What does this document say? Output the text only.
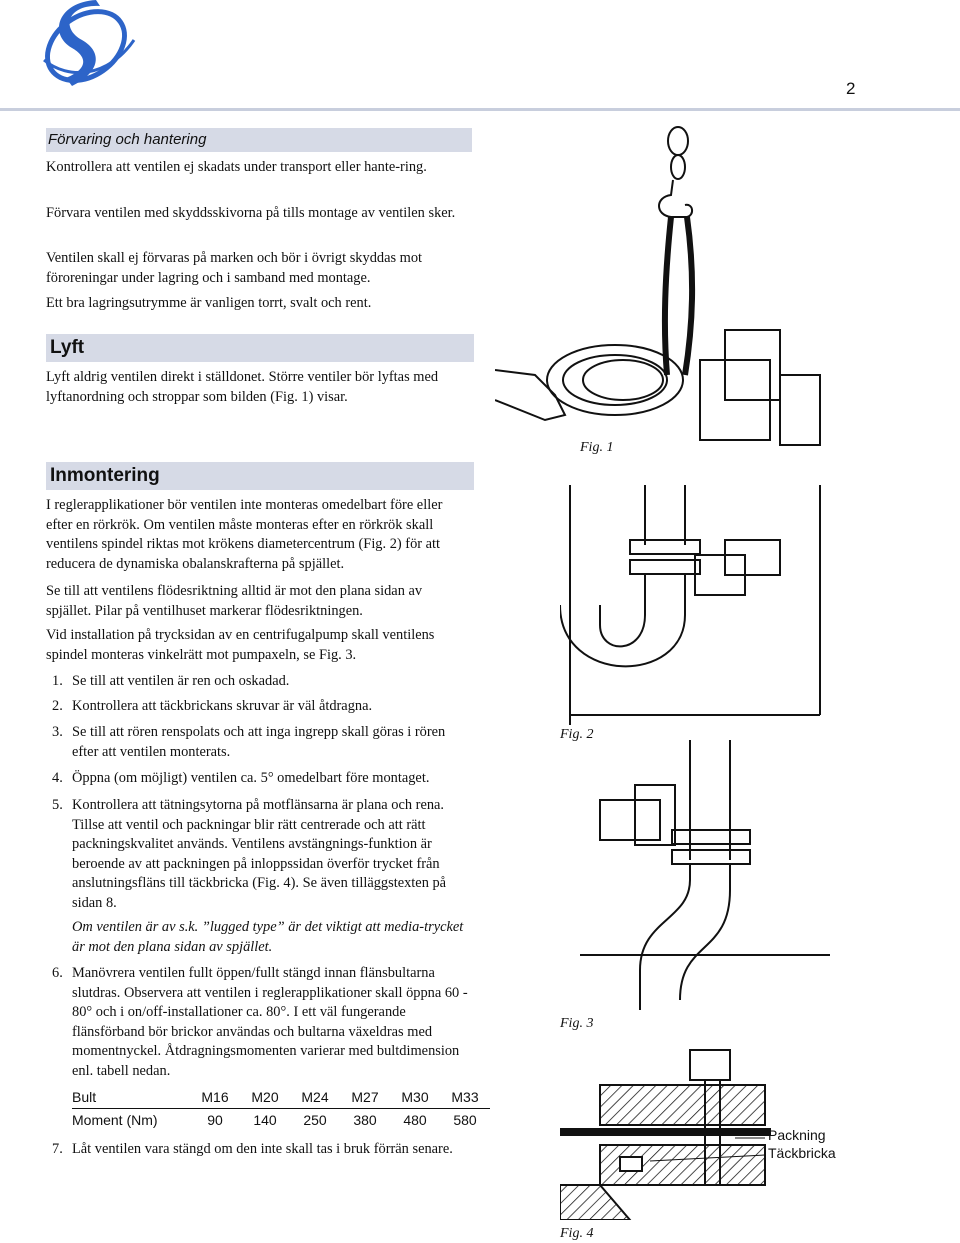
2
Förvaring och hantering

Kontrollera att ventilen ej skadats under transport eller hante-ring.

Förvara ventilen med skyddsskivorna på tills montage av ventilen sker.

Ventilen skall ej förvaras på marken och bör i övrigt skyddas mot föroreningar under lagring och i samband med montage.

Ett bra lagringsutrymme är vanligen torrt, svalt och rent.

Lyft
Lyft aldrig ventilen direkt i ställdonet. Större ventiler bör lyftas med lyftanordning och stroppar som bilden (Fig. 1) visar.
Inmontering
I reglerapplikationer bör ventilen inte monteras omedelbart före eller efter en rörkrök. Om ventilen måste monteras efter en rörkrök skall ventilens spindel riktas mot krökens diametercentrum (Fig. 2) för att reducera de dynamiska obalanskrafterna på spjället.
Se till att ventilens flödesriktning alltid är mot den plana sidan av spjället. Pilar på ventilhuset markerar flödesriktningen.
Vid installation på trycksidan av en centrifugalpump skall ventilens spindel monteras vinkelrätt mot pumpaxeln, se Fig. 3.
1. Se till att ventilen är ren och oskadad.
2. Kontrollera att täckbrickans skruvar är väl åtdragna.
3. Se till att rören renspolats och att inga ingrepp skall göras i rören efter att ventilen monterats.
4. Öppna (om möjligt) ventilen ca. 5° omedelbart före montaget.
5. Kontrollera att tätningsytorna på motflänsarna är plana och rena. Tillse att ventil och packningar blir rätt centrerade och att rätt packningskvalitet används. Ventilens avstängnings-funktion är beroende av att packningen på inloppssidan överför trycket från anslutningsfläns till täckbricka (Fig. 4). Se även tilläggstexten på sidan 8.
Om ventilen är av s.k. ”lugged type” är det viktigt att media-trycket är mot den plana sidan av spjället.
6. Manövrera ventilen fullt öppen/fullt stängd innan flänsbultarna slutdras. Observera att ventilen i reglerapplikationer skall öppna 60 - 80° och i on/off-installationer ca. 80°. I ett väl fungerande flänsförband bör brickor användas och bultarna växeldras med momentnyckel. Åtdragningsmomenten varierar med bultdimension enl. tabell nedan.
Bult	M16	M20	M24	M27	M30	M33
Moment (Nm)	90	140	250	380	480	580
7. Låt ventilen vara stängd om den inte skall tas i bruk förrän senare.
Fig. 1
Fig. 2
Fig. 3
Packning
Täckbricka
Fig. 4
